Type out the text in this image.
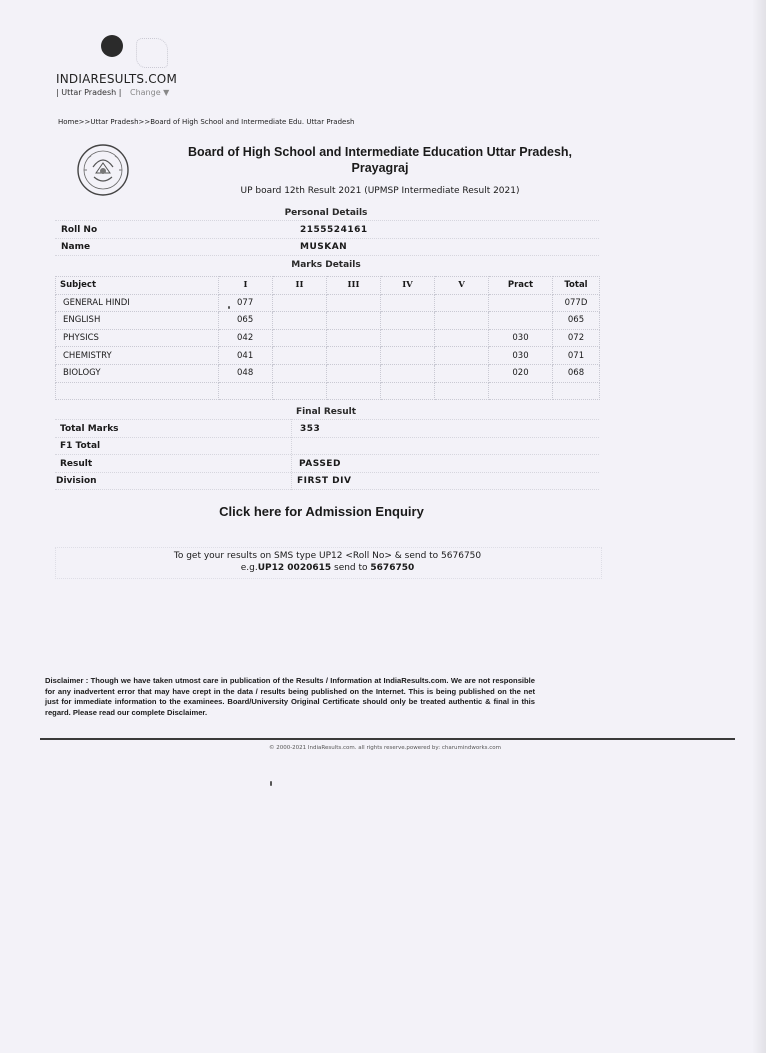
INDIARESULTS.COM
| Uttar Pradesh | Change ▼
Home>>Uttar Pradesh>>Board of High School and Intermediate Edu. Uttar Pradesh
Board of High School and Intermediate Education Uttar Pradesh,
Prayagraj
UP board 12th Result 2021 (UPMSP Intermediate Result 2021)
Personal Details
Roll No	2155524161
Name	MUSKAN
Marks Details
Subject	I	II	III	IV	V	Pract	Total
GENERAL HINDI	077						077D
ENGLISH	065						065
PHYSICS	042					030	072
CHEMISTRY	041					030	071
BIOLOGY	048					020	068

Final Result
Total Marks	353
F1 Total
Result	PASSED
Division	FIRST DIV
Click here for Admission Enquiry
To get your results on SMS type UP12 <Roll No> & send to 5676750
e.g.UP12 0020615 send to 5676750
Disclaimer : Though we have taken utmost care in publication of the Results / Information at IndiaResults.com. We are not responsible for any inadvertent error that may have crept in the data / results being published on the Internet. This is being published on the net just for immediate information to the examinees. Board/University Original Certificate should only be treated authentic & final in this regard. Please read our complete Disclaimer.
© 2000-2021 IndiaResults.com. all rights reserve.powered by: charumindworks.com
